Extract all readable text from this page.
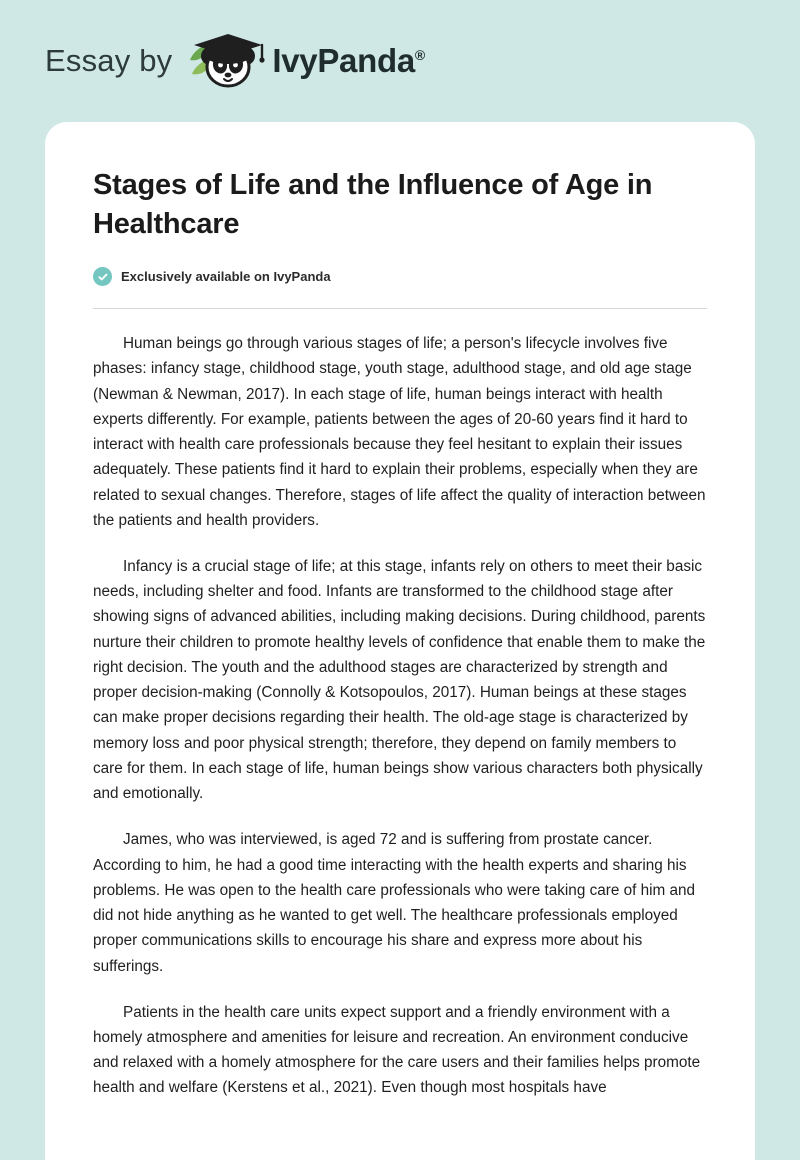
Essay by	IvyPanda®
Stages of Life and the Influence of Age in Healthcare
Exclusively available on IvyPanda

Human beings go through various stages of life; a person's lifecycle involves five phases: infancy stage, childhood stage, youth stage, adulthood stage, and old age stage (Newman & Newman, 2017). In each stage of life, human beings interact with health experts differently. For example, patients between the ages of 20-60 years find it hard to interact with health care professionals because they feel hesitant to explain their issues adequately. These patients find it hard to explain their problems, especially when they are related to sexual changes. Therefore, stages of life affect the quality of interaction between the patients and health providers.

Infancy is a crucial stage of life; at this stage, infants rely on others to meet their basic needs, including shelter and food. Infants are transformed to the childhood stage after showing signs of advanced abilities, including making decisions. During childhood, parents nurture their children to promote healthy levels of confidence that enable them to make the right decision. The youth and the adulthood stages are characterized by strength and proper decision-making (Connolly & Kotsopoulos, 2017). Human beings at these stages can make proper decisions regarding their health. The old-age stage is characterized by memory loss and poor physical strength; therefore, they depend on family members to care for them. In each stage of life, human beings show various characters both physically and emotionally.

James, who was interviewed, is aged 72 and is suffering from prostate cancer. According to him, he had a good time interacting with the health experts and sharing his problems. He was open to the health care professionals who were taking care of him and did not hide anything as he wanted to get well. The healthcare professionals employed proper communications skills to encourage his share and express more about his sufferings.

Patients in the health care units expect support and a friendly environment with a homely atmosphere and amenities for leisure and recreation. An environment conducive and relaxed with a homely atmosphere for the care users and their families helps promote health and welfare (Kerstens et al., 2021). Even though most hospitals have
